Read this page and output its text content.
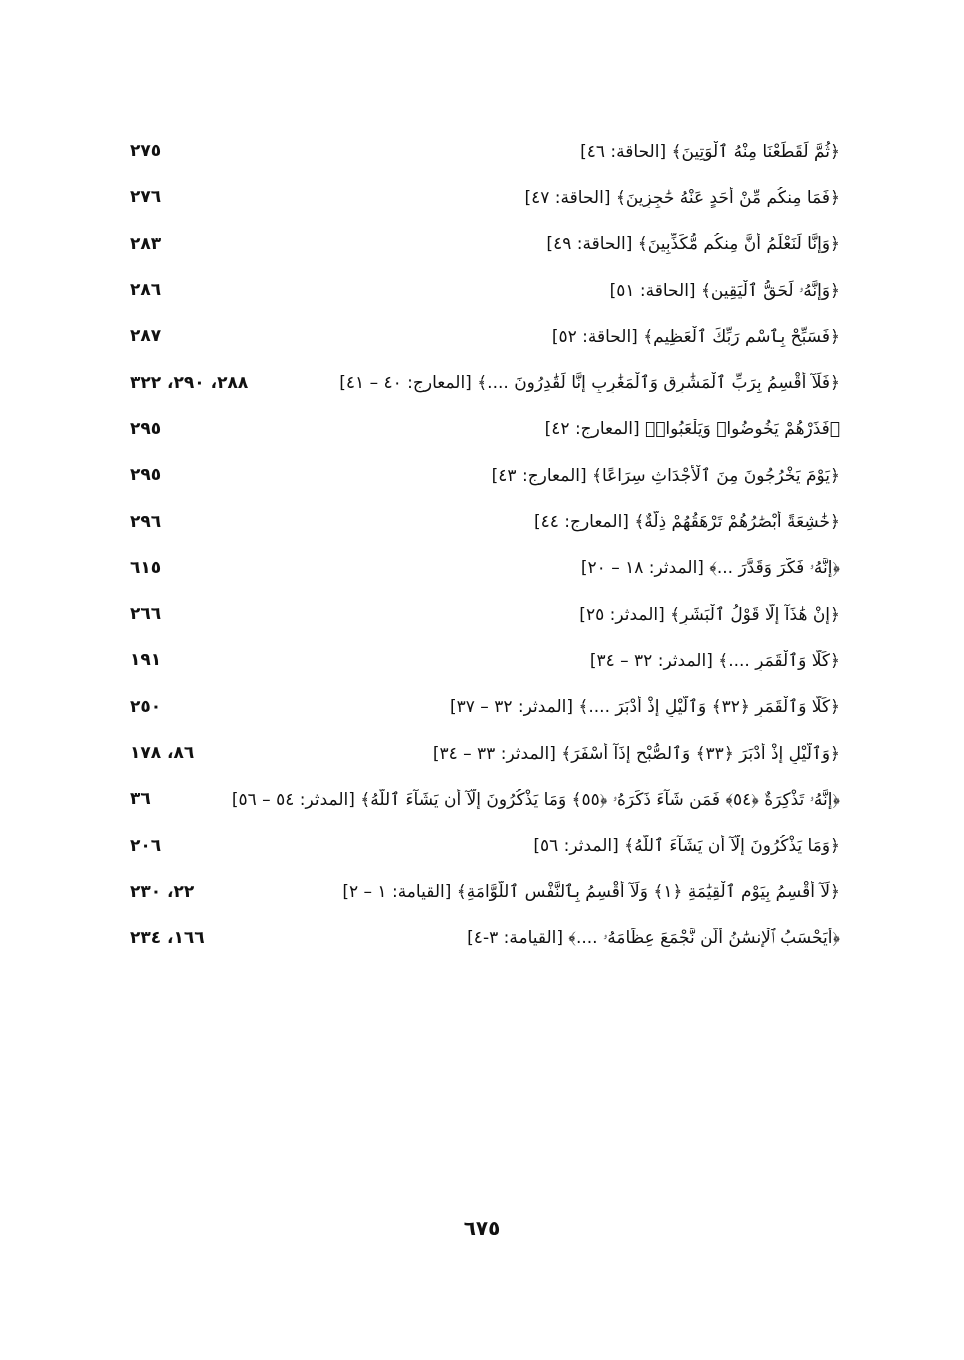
﴿ثُمَّ لَقَطَعْنَا مِنْهُ ٱلْوَتِينَ﴾ [الحاقة: ٤٦]
٢٧٥
﴿فَمَا مِنكُم مِّنْ أَحَدٍ عَنْهُ حَٰجِزِينَ﴾ [الحاقة: ٤٧]
٢٧٦
﴿وَإِنَّا لَنَعْلَمُ أَنَّ مِنكُم مُّكَذِّبِينَ﴾ [الحاقة: ٤٩]
٢٨٣
﴿وَإِنَّهُۥ لَحَقُّ ٱلْيَقِينِ﴾ [الحاقة: ٥١]
٢٨٦
﴿فَسَبِّحْ بِٱسْمِ رَبِّكَ ٱلْعَظِيمِ﴾ [الحاقة: ٥٢]
٢٨٧
﴿فَلَآ أُقْسِمُ بِرَبِّ ٱلْمَشَٰرِقِ وَٱلْمَغَٰرِبِ إِنَّا لَقَٰدِرُونَ ....﴾ [المعارج: ٤٠ – ٤١]
٢٨٨، ٢٩٠، ٣٢٢
﴿فَذَرْهُمْ يَخُوضُوا۟ وَيَلْعَبُوا۟﴾ [المعارج: ٤٢]
٢٩٥
﴿يَوْمَ يَخْرُجُونَ مِنَ ٱلْأَجْدَاثِ سِرَاعًا﴾ [المعارج: ٤٣]
٢٩٥
﴿خَٰشِعَةً أَبْصَٰرُهُمْ تَرْهَقُهُمْ ذِلَّةٌ﴾ [المعارج: ٤٤]
٢٩٦
﴿إِنَّهُۥ فَكَّرَ وَقَدَّرَ ...﴾ [المدثر: ١٨ – ٢٠]
٦١٥
﴿إِنْ هَٰذَآ إِلَّا قَوْلُ ٱلْبَشَرِ﴾ [المدثر: ٢٥]
٢٦٦
﴿كَلَّا وَٱلْقَمَرِ ....﴾ [المدثر: ٣٢ – ٣٤]
١٩١
﴿كَلَّا وَٱلْقَمَرِ ﴿٣٢﴾ وَٱلَّيْلِ إِذْ أَدْبَرَ ....﴾ [المدثر: ٣٢ – ٣٧]
٢٥٠
﴿وَٱلَّيْلِ إِذْ أَدْبَرَ ﴿٣٣﴾ وَٱلصُّبْحِ إِذَآ أَسْفَرَ﴾ [المدثر: ٣٣ – ٣٤]
٨٦، ١٧٨
﴿إِنَّهُۥ تَذْكِرَةٌ ﴿٥٤﴾ فَمَن شَآءَ ذَكَرَهُۥ ﴿٥٥﴾ وَمَا يَذْكُرُونَ إِلَّآ أَن يَشَآءَ ٱللَّهُ﴾ [المدثر: ٥٤ – ٥٦]
٣٦
﴿وَمَا يَذْكُرُونَ إِلَّآ أَن يَشَآءَ ٱللَّهُ﴾ [المدثر: ٥٦]
٢٠٦
﴿لَآ أُقْسِمُ بِيَوْمِ ٱلْقِيَٰمَةِ ﴿١﴾ وَلَآ أُقْسِمُ بِٱلنَّفْسِ ٱللَّوَّامَةِ﴾ [القيامة: ١ – ٢]
٢٢، ٢٣٠
﴿أَيَحْسَبُ ٱلْإِنسَٰنُ أَلَّن نَّجْمَعَ عِظَامَهُۥ ....﴾ [القيامة: ٣-٤]
١٦٦، ٢٣٤
٦٧٥
